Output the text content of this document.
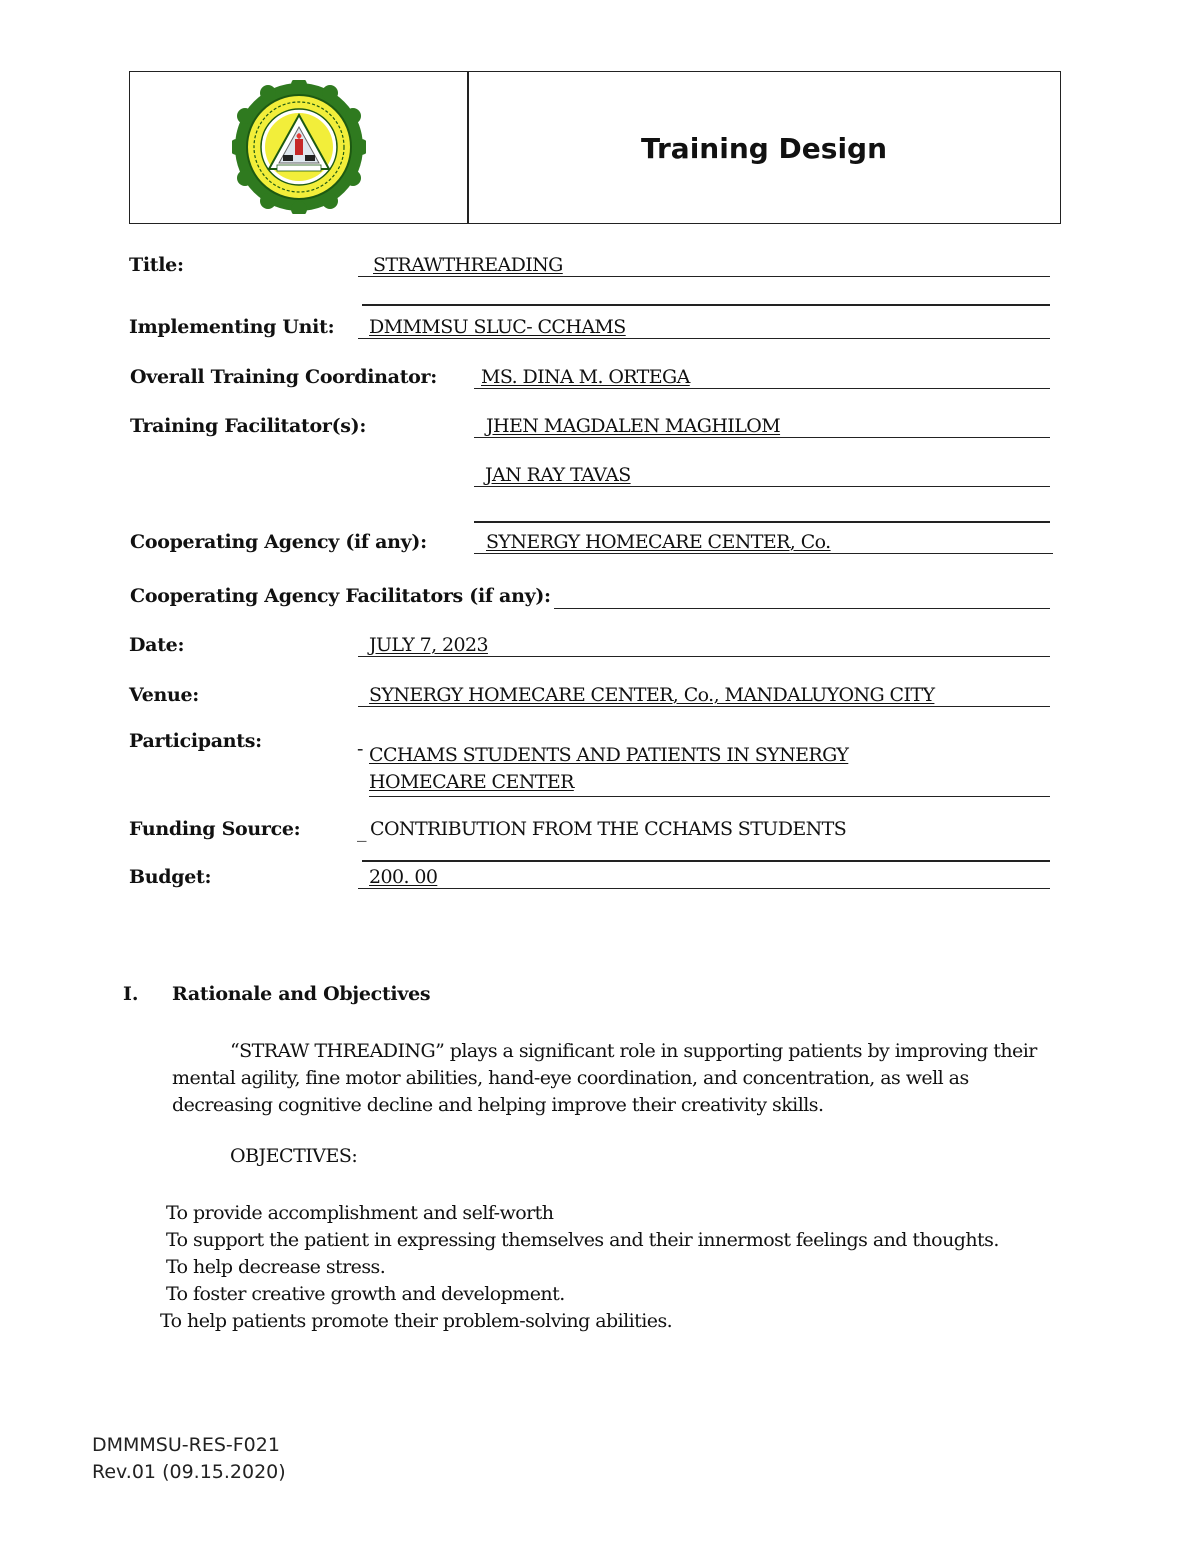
Training Design
Title:	STRAWTHREADING
Implementing Unit:	DMMMSU SLUC- CCHAMS
Overall Training Coordinator:	MS. DINA M. ORTEGA
Training Facilitator(s):	JHEN MAGDALEN MAGHILOM
JAN RAY TAVAS
Cooperating Agency (if any):	SYNERGY HOMECARE CENTER, Co.
Cooperating Agency Facilitators (if any):
Date:	JULY 7, 2023
Venue:	SYNERGY HOMECARE CENTER, Co., MANDALUYONG CITY
Participants:	- CCHAMS STUDENTS AND PATIENTS IN SYNERGY
HOMECARE CENTER
Funding Source:	_ CONTRIBUTION FROM THE CCHAMS STUDENTS
Budget:	200. 00
I. Rationale and Objectives
“STRAW THREADING” plays a significant role in supporting patients by improving their mental agility, fine motor abilities, hand-eye coordination, and concentration, as well as decreasing cognitive decline and helping improve their creativity skills.
OBJECTIVES:
To provide accomplishment and self-worth
To support the patient in expressing themselves and their innermost feelings and thoughts.
To help decrease stress.
To foster creative growth and development.
To help patients promote their problem-solving abilities.
DMMMSU-RES-F021
Rev.01 (09.15.2020)
